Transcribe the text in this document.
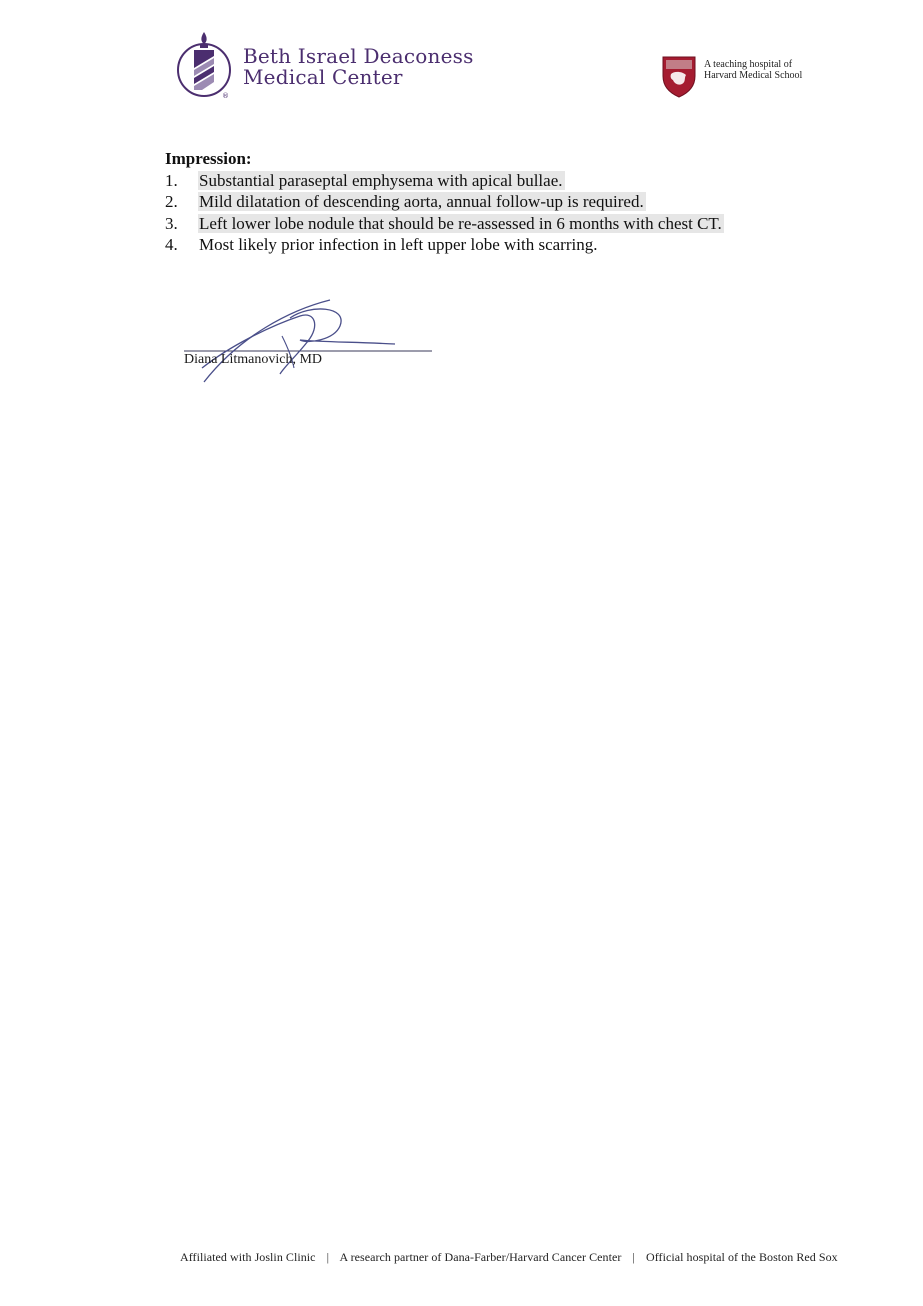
®
Beth Israel Deaconess
Medical Center
A teaching hospital of
Harvard Medical School
Impression:
1. Substantial paraseptal emphysema with apical bullae.
2. Mild dilatation of descending aorta, annual follow-up is required.
3. Left lower lobe nodule that should be re-assessed in 6 months with chest CT.
4. Most likely prior infection in left upper lobe with scarring.
Diana Litmanovich, MD
Affiliated with Joslin Clinic | A research partner of Dana-Farber/Harvard Cancer Center | Official hospital of the Boston Red Sox
